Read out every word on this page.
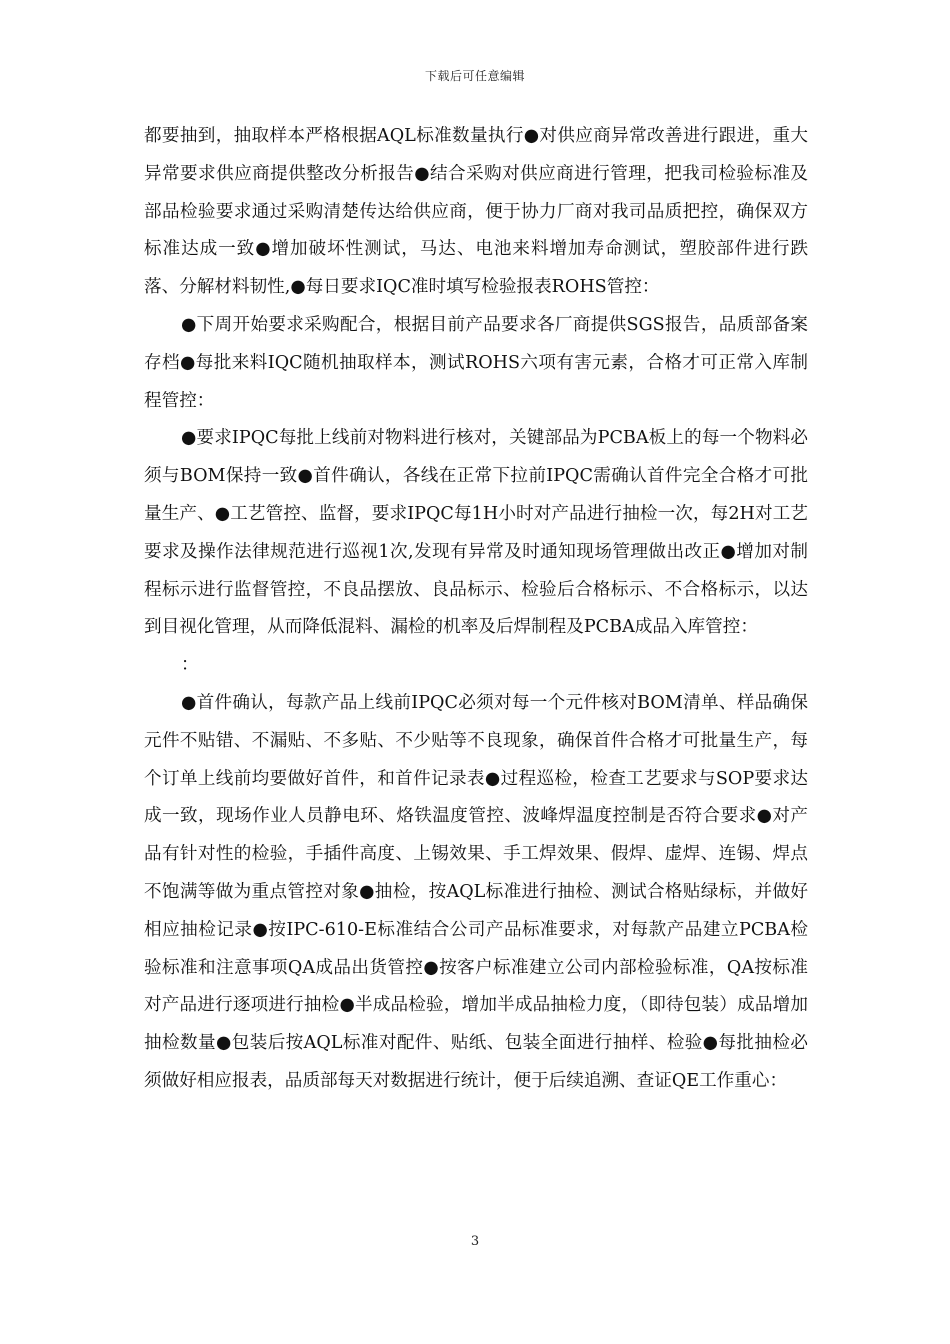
下载后可任意编辑

都要抽到，抽取样本严格根据AQL标准数量执行●对供应商异常改善进行跟进，重大异常要求供应商提供整改分析报告●结合采购对供应商进行管理，把我司检验标准及部品检验要求通过采购清楚传达给供应商，便于协力厂商对我司品质把控，确保双方标准达成一致●增加破坏性测试，马达、电池来料增加寿命测试，塑胶部件进行跌落、分解材料韧性,●每日要求IQC准时填写检验报表ROHS管控：

●下周开始要求采购配合，根据目前产品要求各厂商提供SGS报告，品质部备案存档●每批来料IQC随机抽取样本，测试ROHS六项有害元素，合格才可正常入库制程管控：

●要求IPQC每批上线前对物料进行核对，关键部品为PCBA板上的每一个物料必须与BOM保持一致●首件确认，各线在正常下拉前IPQC需确认首件完全合格才可批量生产、●工艺管控、监督，要求IPQC每1H小时对产品进行抽检一次，每2H对工艺要求及操作法律规范进行巡视1次,发现有异常及时通知现场管理做出改正●增加对制程标示进行监督管控，不良品摆放、良品标示、检验后合格标示、不合格标示，以达到目视化管理，从而降低混料、漏检的机率及后焊制程及PCBA成品入库管控：

：

●首件确认，每款产品上线前IPQC必须对每一个元件核对BOM清单、样品确保元件不贴错、不漏贴、不多贴、不少贴等不良现象，确保首件合格才可批量生产，每个订单上线前均要做好首件，和首件记录表●过程巡检，检查工艺要求与SOP要求达成一致，现场作业人员静电环、烙铁温度管控、波峰焊温度控制是否符合要求●对产品有针对性的检验，手插件高度、上锡效果、手工焊效果、假焊、虚焊、连锡、焊点不饱满等做为重点管控对象●抽检，按AQL标准进行抽检、测试合格贴绿标，并做好相应抽检记录●按IPC-610-E标准结合公司产品标准要求，对每款产品建立PCBA检验标准和注意事项QA成品出货管控●按客户标准建立公司内部检验标准，QA按标准对产品进行逐项进行抽检●半成品检验，增加半成品抽检力度，（即待包装）成品增加抽检数量●包装后按AQL标准对配件、贴纸、包装全面进行抽样、检验●每批抽检必须做好相应报表，品质部每天对数据进行统计，便于后续追溯、查证QE工作重心：

3
